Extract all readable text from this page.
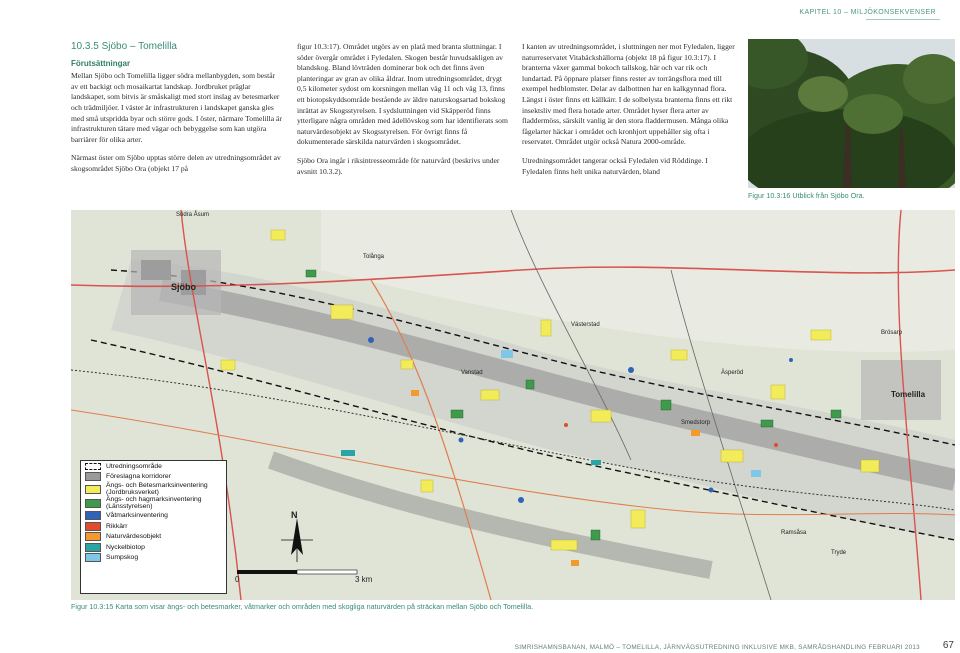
KAPITEL 10 – MILJÖKONSEKVENSER
10.3.5 Sjöbo – Tomelilla
Förutsättningar

Mellan Sjöbo och Tomelilla ligger södra mellanbygden, som består av ett backigt och mosaikartat landskap. Jordbruket präglar landskapet, som bitvis är småskaligt med stort inslag av betesmarker och trädmiljöer. I väster är infrastrukturen i landskapet ganska gles med små utspridda byar och större gods. I öster, närmare Tomelilla är infrastrukturen tätare med vägar och bebyggelse som kan utgöra barriärer för olika arter.

Närmast öster om Sjöbo upptas större delen av utredningsområdet av skogsområdet Sjöbo Ora (objekt 17 på

figur 10.3:17). Området utgörs av en platå med branta sluttningar. I söder övergår området i Fyledalen. Skogen består huvudsakligen av blandskog. Bland lövträden dominerar bok och det finns även planteringar av gran av olika åldrar. Inom utredningsområdet, drygt 0,5 kilometer sydost om korsningen mellan väg 11 och väg 13, finns ett biotopskyddsområde bestående av äldre naturskogsartad bokskog inrättat av Skogsstyrelsen. I sydsluttningen vid Skäpperöd finns ytterligare några områden med ädellövskog som har identifierats som naturvärdesobjekt av Skogsstyrelsen. För övrigt finns få dokumenterade särskilda naturvärden i skogsområdet.

Sjöbo Ora ingår i riksintresseområde för naturvård (beskrivs under avsnitt 10.3.2).

I kanten av utredningsområdet, i sluttningen ner mot Fyledalen, ligger naturreservatet Vitabäckshällorna (objekt 18 på figur 10.3:17). I branterna växer gammal bokoch tallskog, här och var rik och lundartad. På öppnare platser finns rester av torrängsflora med till exempel hedblomster. Delar av dalbottnen har en kalkgynnad flora. Längst i öster finns ett källkärr. I de solbelysta branterna finns ett rikt insektsliv med flera hotade arter. Området hyser flera arter av fladdermöss, särskilt vanlig är den stora fladdermusen. Många olika fågelarter häckar i området och kronhjort uppehåller sig ofta i reservatet. Området utgör också Natura 2000-område.

Utredningsområdet tangerar också Fyledalen vid Röddinge. I Fyledalen finns helt unika naturvärden, bland

Figur 10.3:16 Utblick från Sjöbo Ora.
Södra Åsum
Sjöbo
Tolånga
Tomelilla
Vanstad
Västerstad
Smedstorp
Ramsåsa
Tryde
Äsperöd
Brösarp
N
0	3 km
Utredningsområde
Föreslagna korridorer
Ängs- och Betesmarksinventering (Jordbruksverket)
Ängs- och hagmarksinventering (Länsstyrelsen)
Våtmarksinventering
Rikkärr
Naturvärdesobjekt
Nyckelbiotop
Sumpskog
Figur 10.3:15 Karta som visar ängs- och betesmarker, våtmarker och områden med skogliga naturvärden på sträckan mellan Sjöbo och Tomelilla.
SIMRISHAMNSBANAN, MALMÖ – TOMELILLA, JÄRNVÄGSUTREDNING INKLUSIVE MKB, SAMRÅDSHANDLING FEBRUARI 2013 67
